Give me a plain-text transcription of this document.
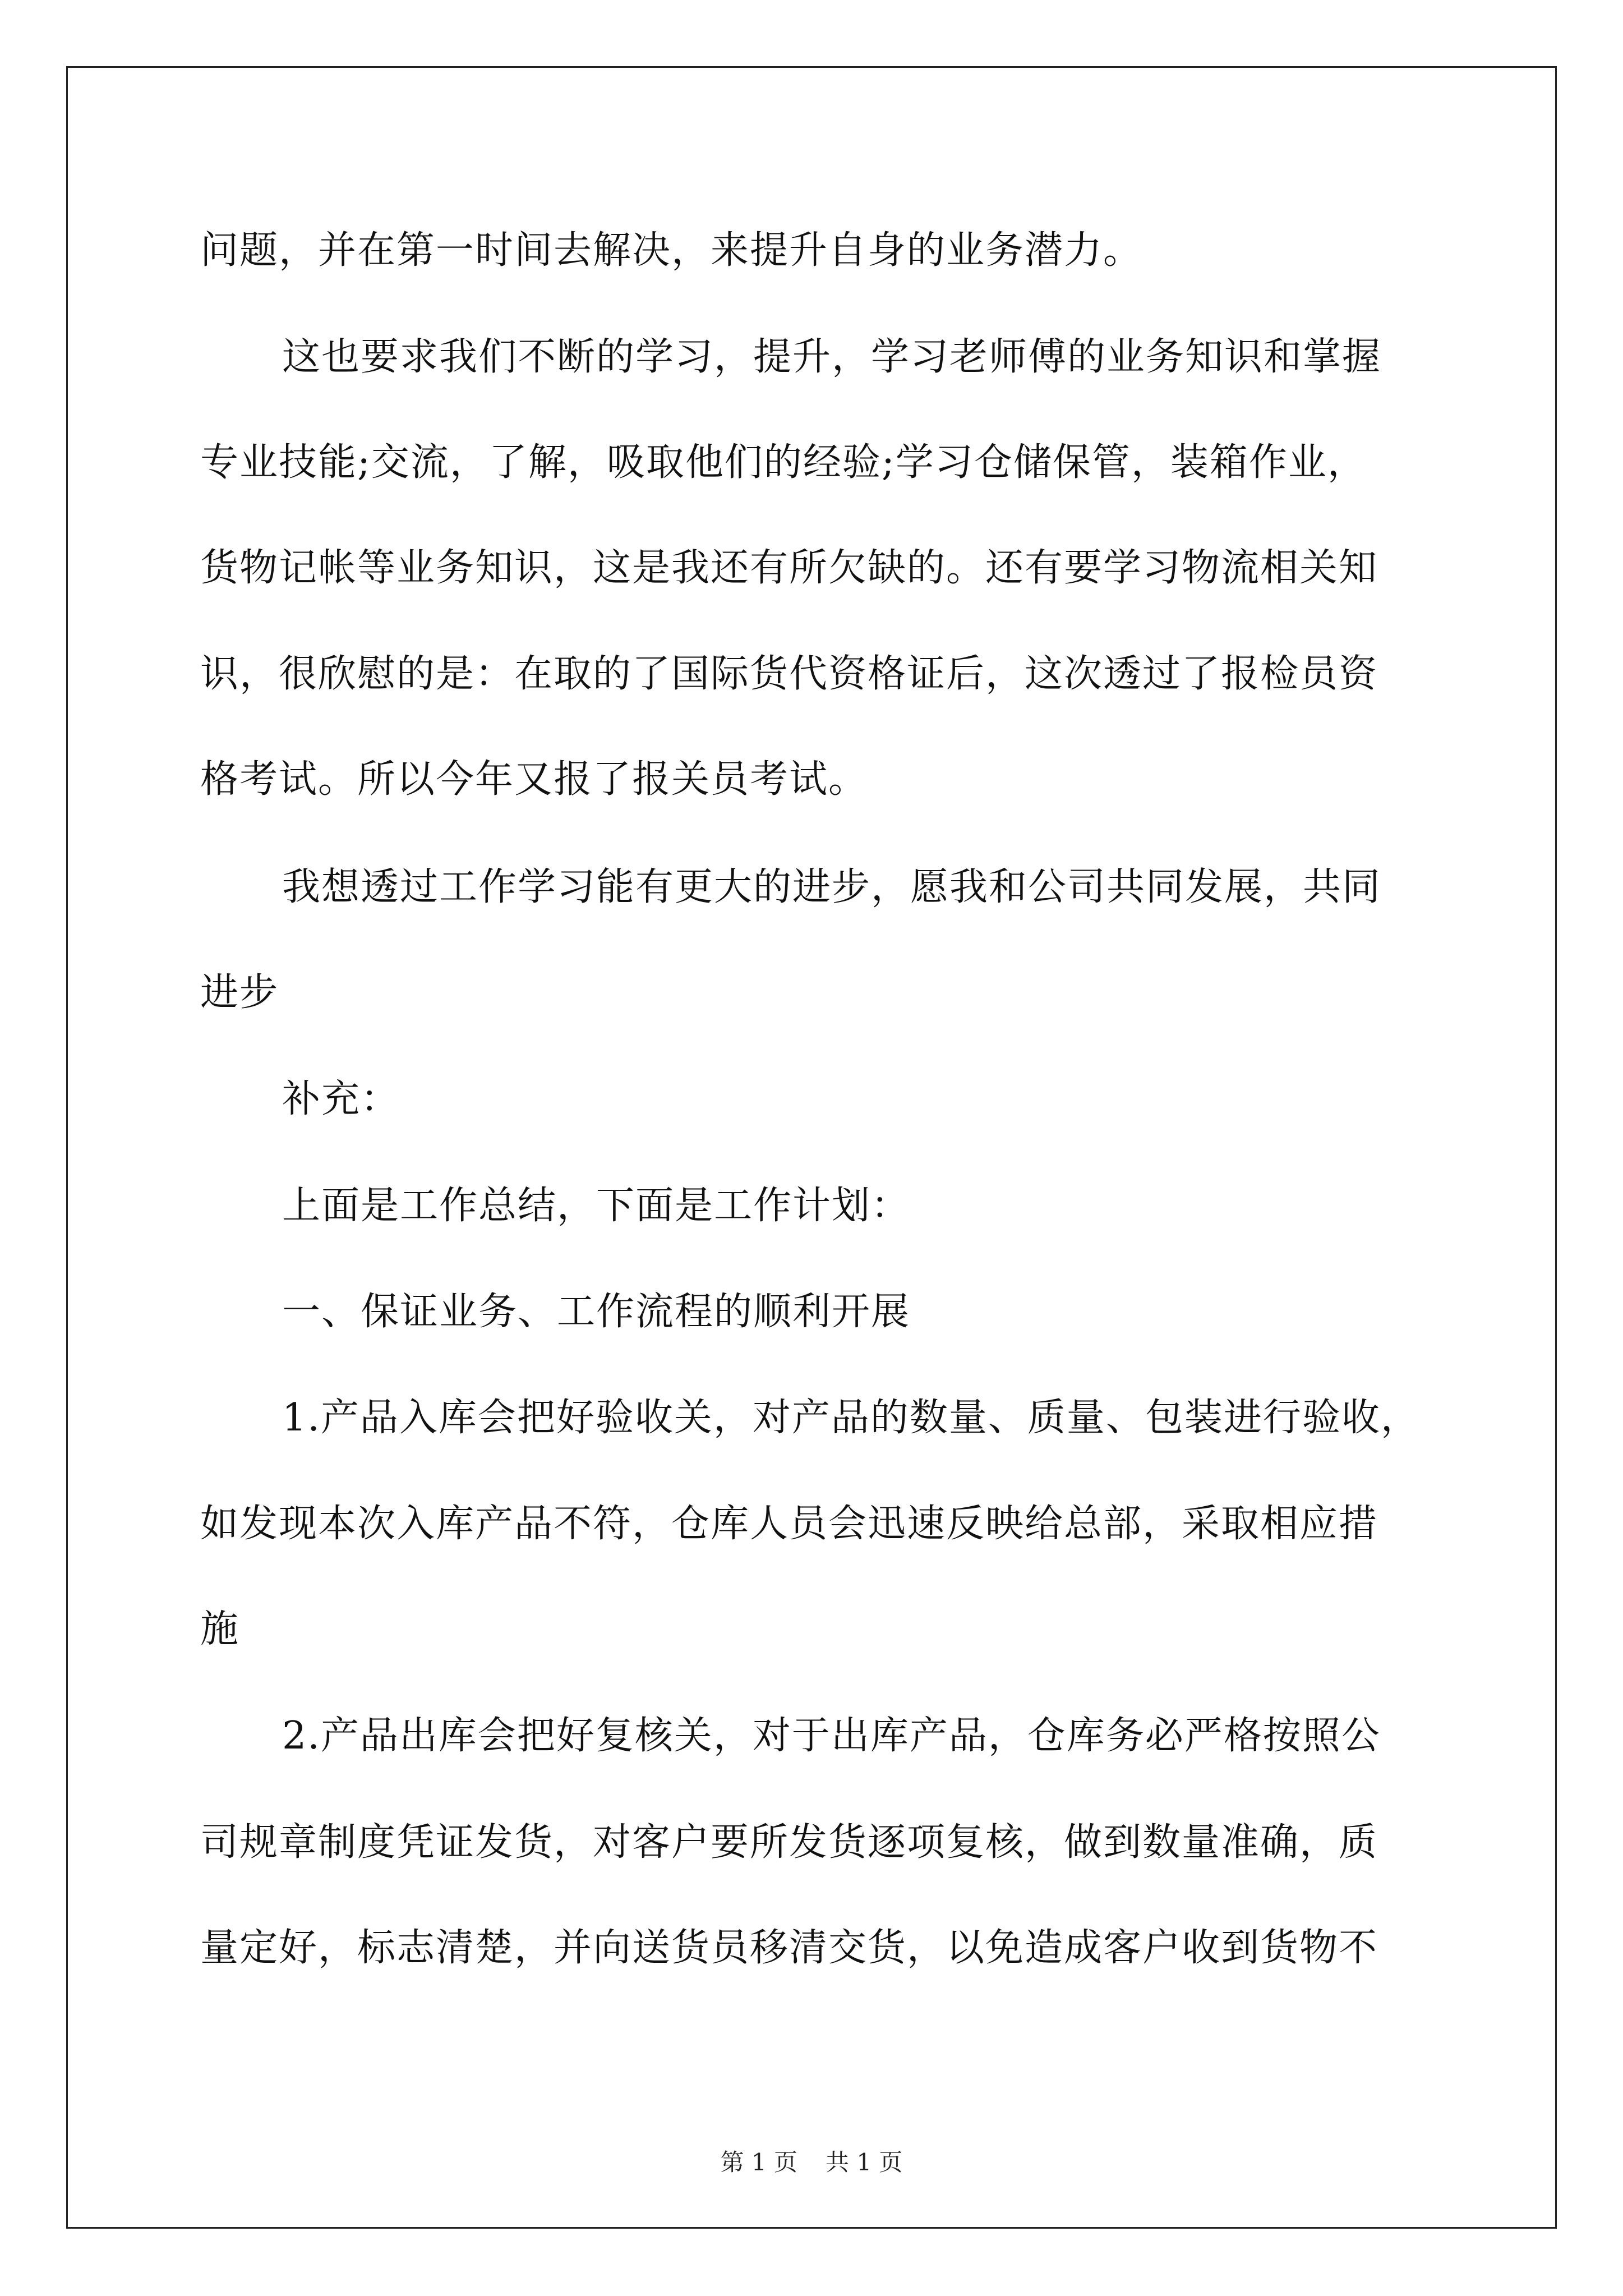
问题，并在第一时间去解决，来提升自身的业务潜力。
这也要求我们不断的学习，提升，学习老师傅的业务知识和掌握
专业技能;交流，了解，吸取他们的经验;学习仓储保管，装箱作业，
货物记帐等业务知识，这是我还有所欠缺的。还有要学习物流相关知
识，很欣慰的是：在取的了国际货代资格证后，这次透过了报检员资
格考试。所以今年又报了报关员考试。
我想透过工作学习能有更大的进步，愿我和公司共同发展，共同
进步
补充：
上面是工作总结，下面是工作计划：
一、保证业务、工作流程的顺利开展
1.产品入库会把好验收关，对产品的数量、质量、包装进行验收，
如发现本次入库产品不符，仓库人员会迅速反映给总部，采取相应措
施
2.产品出库会把好复核关，对于出库产品，仓库务必严格按照公
司规章制度凭证发货，对客户要所发货逐项复核，做到数量准确，质
量定好，标志清楚，并向送货员移清交货，以免造成客户收到货物不
第 1 页 共 1 页
